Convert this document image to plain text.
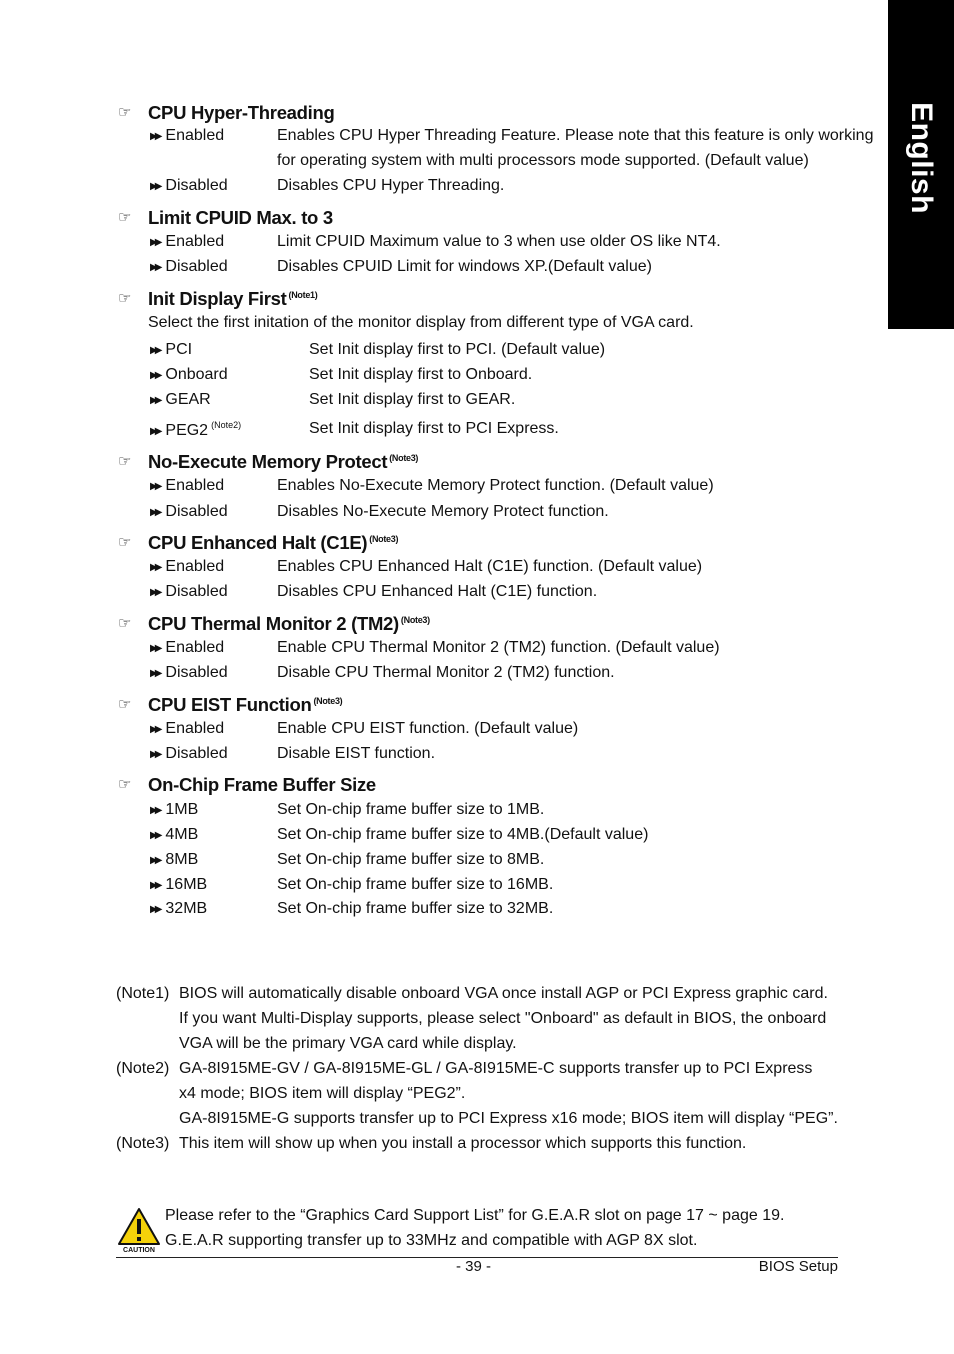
English
☞ CPU Hyper-Threading
▶▶ Enabled	Enables CPU Hyper Threading Feature. Please note that this feature is only working
for operating system with multi processors mode supported. (Default value)
▶▶ Disabled	Disables CPU Hyper Threading.
☞ Limit CPUID Max. to 3
▶▶ Enabled	Limit CPUID Maximum value to 3 when use older OS like NT4.
▶▶ Disabled	Disables CPUID Limit for windows XP.(Default value)
☞ Init Display First $^{(Note1)}$
Select the first initation of the monitor display from different type of VGA card.
▶▶ PCI	Set Init display first to PCI. (Default value)
▶▶ Onboard	Set Init display first to Onboard.
▶▶ GEAR	Set Init display first to GEAR.
▶▶ PEG2 $^{(Note2)}$	Set Init display first to PCI Express.
☞ No-Execute Memory Protect $^{(Note3)}$
▶▶ Enabled	Enables No-Execute Memory Protect function. (Default value)
▶▶ Disabled	Disables No-Execute Memory Protect function.
☞ CPU Enhanced Halt (C1E) $^{(Note3)}$
▶▶ Enabled	Enables CPU Enhanced Halt (C1E) function. (Default value)
▶▶ Disabled	Disables CPU Enhanced Halt (C1E) function.
☞ CPU Thermal Monitor 2 (TM2) $^{(Note3)}$
▶▶ Enabled	Enable CPU Thermal Monitor 2 (TM2) function. (Default value)
▶▶ Disabled	Disable CPU Thermal Monitor 2 (TM2) function.
☞ CPU EIST Function $^{(Note3)}$
▶▶ Enabled	Enable CPU EIST function. (Default value)
▶▶ Disabled	Disable EIST function.
☞ On-Chip Frame Buffer Size
▶▶ 1MB	Set On-chip frame buffer size to 1MB.
▶▶ 4MB	Set On-chip frame buffer size to 4MB.(Default value)
▶▶ 8MB	Set On-chip frame buffer size to 8MB.
▶▶ 16MB	Set On-chip frame buffer size to 16MB.
▶▶ 32MB	Set On-chip frame buffer size to 32MB.
(Note1) BIOS will automatically disable onboard VGA once install AGP or PCI Express graphic card.
If you want Multi-Display supports, please select "Onboard" as default in BIOS, the onboard
VGA will be the primary VGA card while display.
(Note2) GA-8I915ME-GV / GA-8I915ME-GL / GA-8I915ME-C supports transfer up to PCI Express
x4 mode; BIOS item will display “PEG2”.
GA-8I915ME-G supports transfer up to PCI Express x16 mode; BIOS item will display “PEG”.
(Note3) This item will show up when you install a processor which supports this function.
CAUTION
Please refer to the “Graphics Card Support List” for G.E.A.R slot on page 17 ~ page 19.
G.E.A.R supporting transfer up to 33MHz and compatible with AGP 8X slot.
- 39 -	BIOS Setup
